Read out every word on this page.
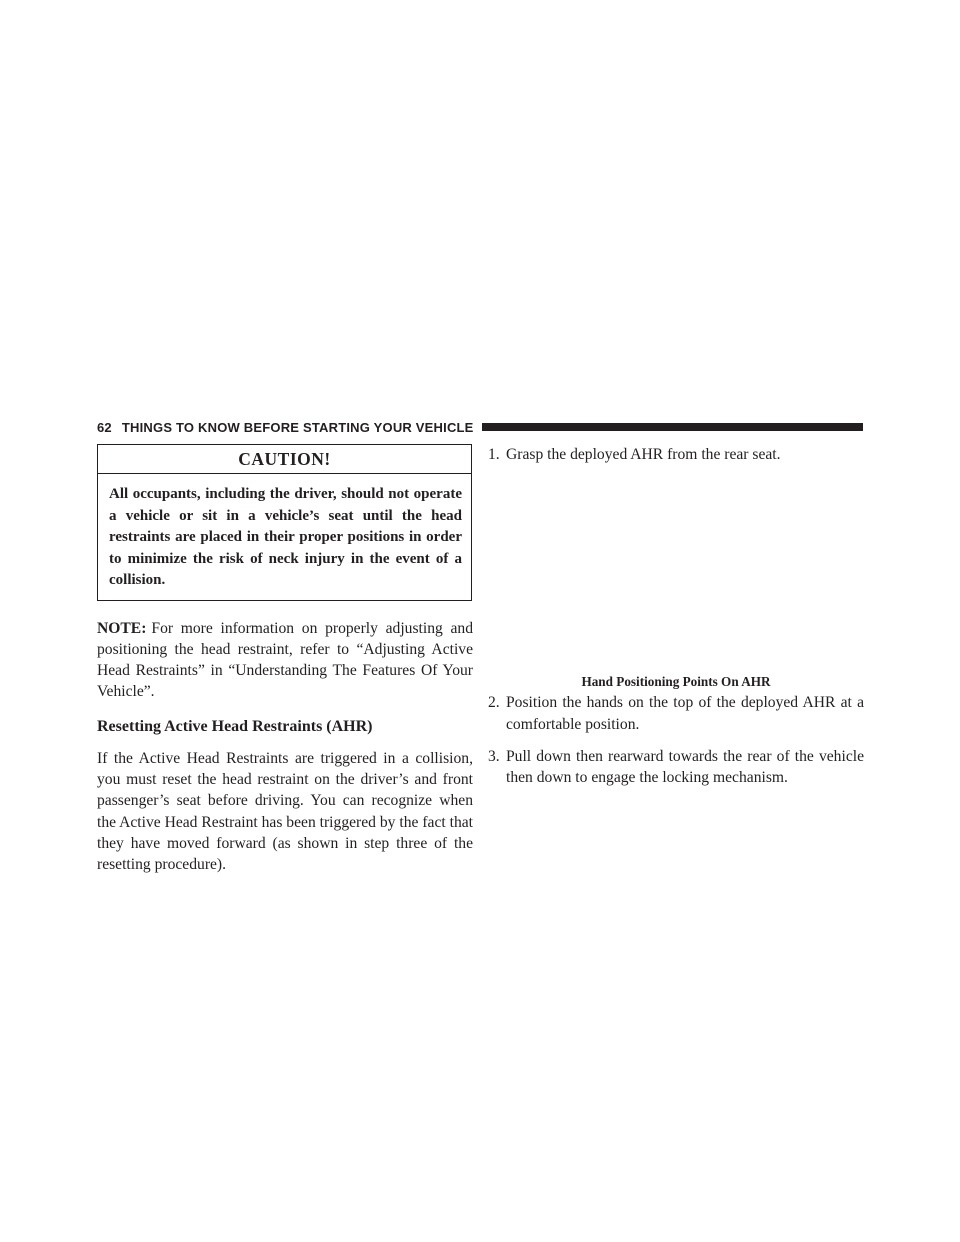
62 THINGS TO KNOW BEFORE STARTING YOUR VEHICLE
CAUTION!
All occupants, including the driver, should not operate a vehicle or sit in a vehicle’s seat until the head restraints are placed in their proper positions in order to minimize the risk of neck injury in the event of a collision.

NOTE: For more information on properly adjusting and positioning the head restraint, refer to “Adjusting Active Head Restraints” in “Understanding The Features Of Your Vehicle”.

Resetting Active Head Restraints (AHR)

If the Active Head Restraints are triggered in a collision, you must reset the head restraint on the driver’s and front passenger’s seat before driving. You can recognize when the Active Head Restraint has been triggered by the fact that they have moved forward (as shown in step three of the resetting procedure).

1. Grasp the deployed AHR from the rear seat.

Hand Positioning Points On AHR

2. Position the hands on the top of the deployed AHR at a comfortable position.

3. Pull down then rearward towards the rear of the vehicle then down to engage the locking mechanism.
